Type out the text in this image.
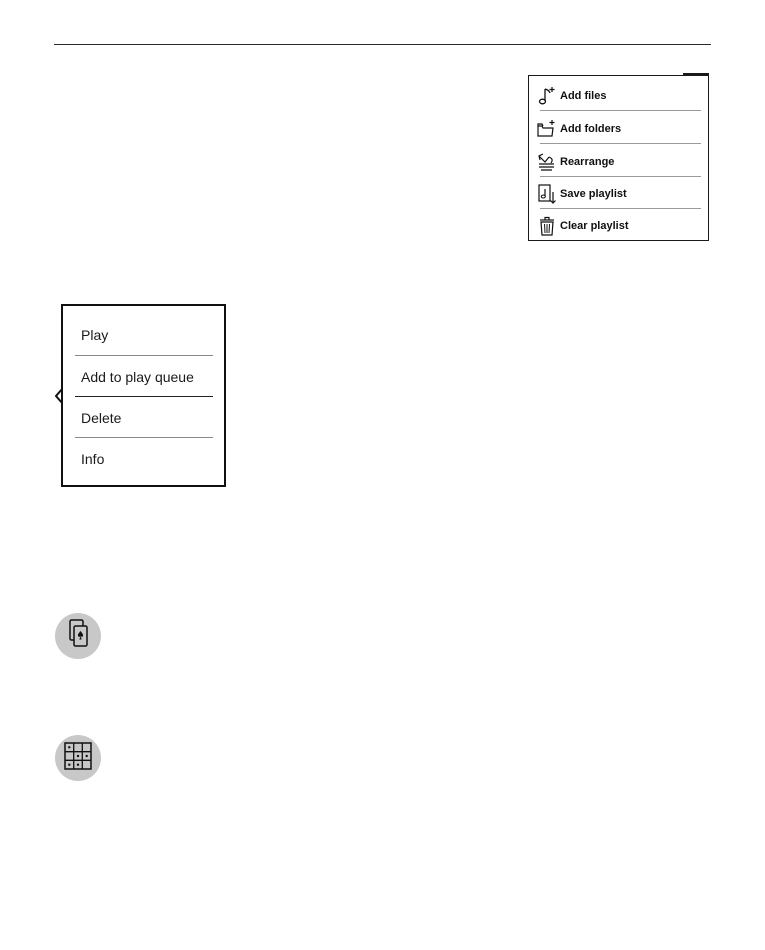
Add files
Add folders
Rearrange
Save playlist
Clear playlist
Play
Add to play queue
Delete
Info
